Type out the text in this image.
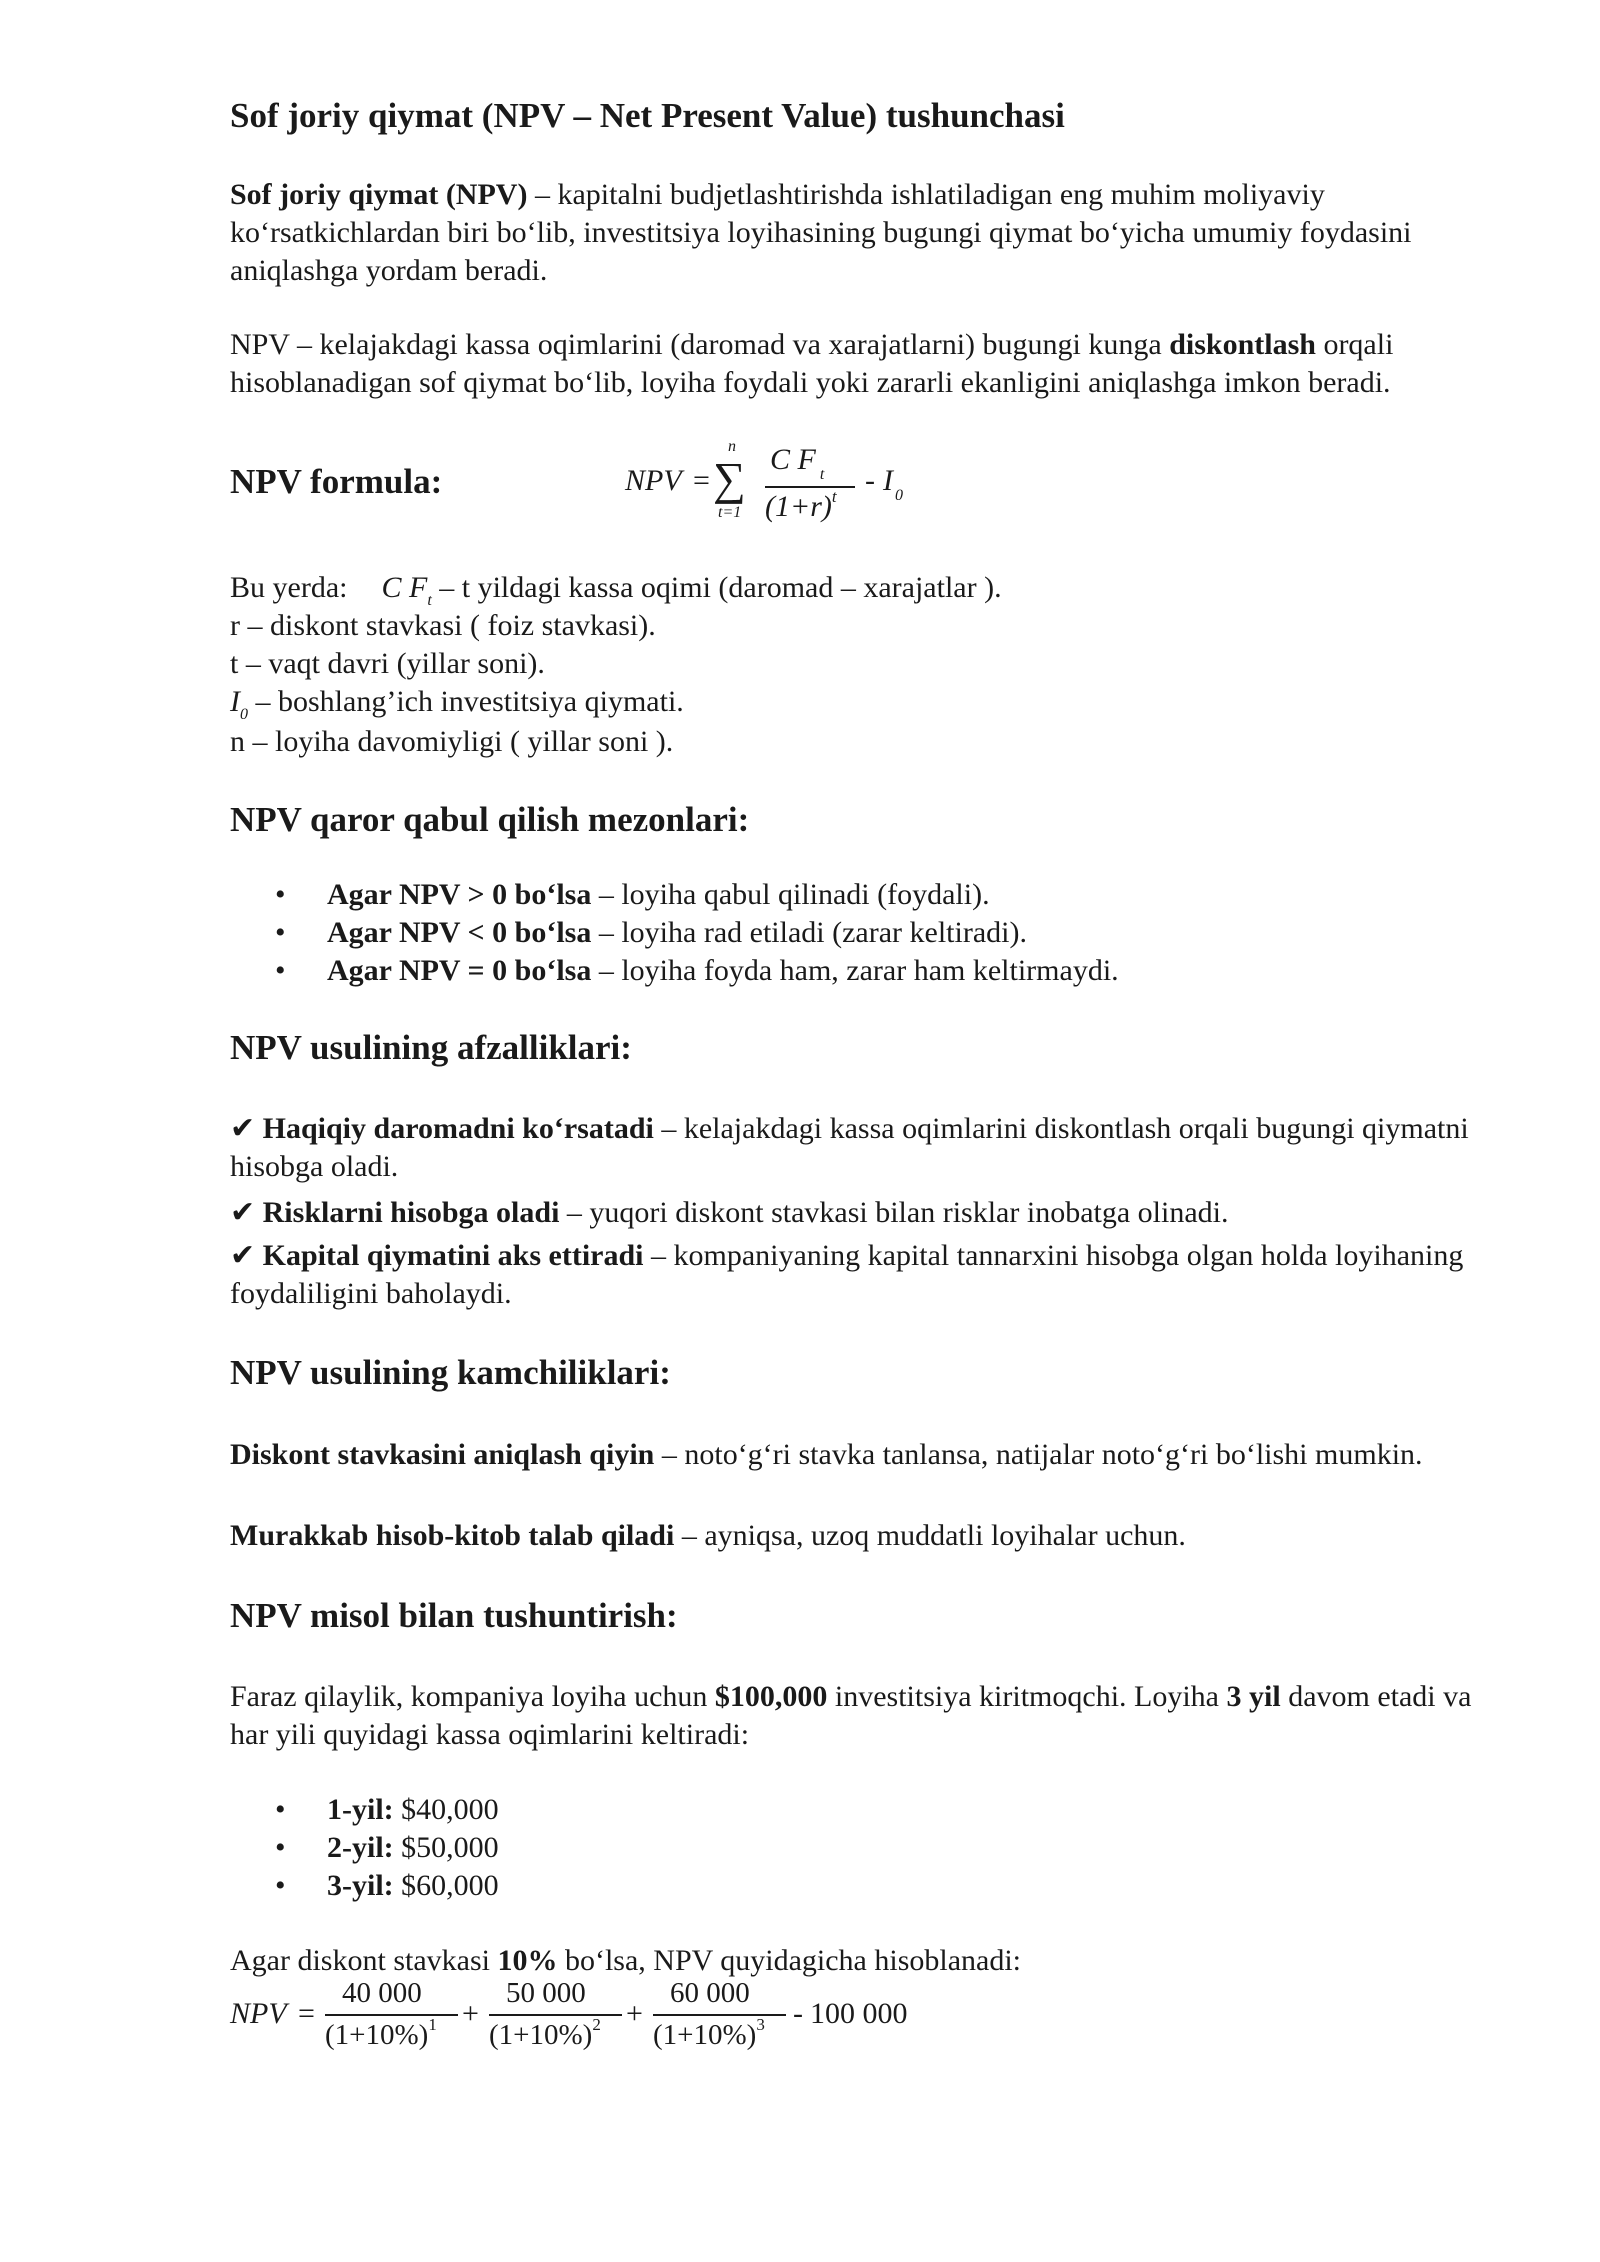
Sof joriy qiymat (NPV – Net Present Value) tushunchasi
Sof joriy qiymat (NPV) – kapitalni budjetlashtirishda ishlatiladigan eng muhim moliyaviy koʻrsatkichlardan biri boʻlib, investitsiya loyihasining bugungi qiymat boʻyicha umumiy foydasini aniqlashga yordam beradi.
NPV – kelajakdagi kassa oqimlarini (daromad va xarajatlarni) bugungi kunga diskontlash orqali hisoblanadigan sof qiymat boʻlib, loyiha foydali yoki zararli ekanligini aniqlashga imkon beradi.
NPV formula:	NPV = ∑
n
t=1
C F $_t$
$(1+r)^t - I$ $_0$
Bu yerda: C $F_t$ – t yildagi kassa oqimi (daromad – xarajatlar ).
r – diskont stavkasi ( foiz stavkasi).
t – vaqt davri (yillar soni).
$I_0$ – boshlang’ich investitsiya qiymati.
n – loyiha davomiyligi ( yillar soni ).
NPV qaror qabul qilish mezonlari:
• Agar NPV > 0 boʻlsa – loyiha qabul qilinadi (foydali).
• Agar NPV < 0 boʻlsa – loyiha rad etiladi (zarar keltiradi).
• Agar NPV = 0 boʻlsa – loyiha foyda ham, zarar ham keltirmaydi.
NPV usulining afzalliklari:
✔ Haqiqiy daromadni koʻrsatadi – kelajakdagi kassa oqimlarini diskontlash orqali bugungi qiymatni hisobga oladi.
✔ Risklarni hisobga oladi – yuqori diskont stavkasi bilan risklar inobatga olinadi.
✔ Kapital qiymatini aks ettiradi – kompaniyaning kapital tannarxini hisobga olgan holda loyihaning foydaliligini baholaydi.
NPV usulining kamchiliklari:
Diskont stavkasini aniqlash qiyin – notoʻgʻri stavka tanlansa, natijalar notoʻgʻri boʻlishi mumkin.
Murakkab hisob-kitob talab qiladi – ayniqsa, uzoq muddatli loyihalar uchun.
NPV misol bilan tushuntirish:
Faraz qilaylik, kompaniya loyiha uchun $100,000 investitsiya kiritmoqchi. Loyiha 3 yil davom etadi va har yili quyidagi kassa oqimlarini keltiradi:
• 1-yil: $40,000
• 2-yil: $50,000
• 3-yil: $60,000
Agar diskont stavkasi 10% boʻlsa, NPV quyidagicha hisoblanadi:
NPV =
40 000
$(1+10\%)^1$ +
50 000
$(1+10\%)^2$ +
60 000
$(1+10\%)^3 - 100$ 000
